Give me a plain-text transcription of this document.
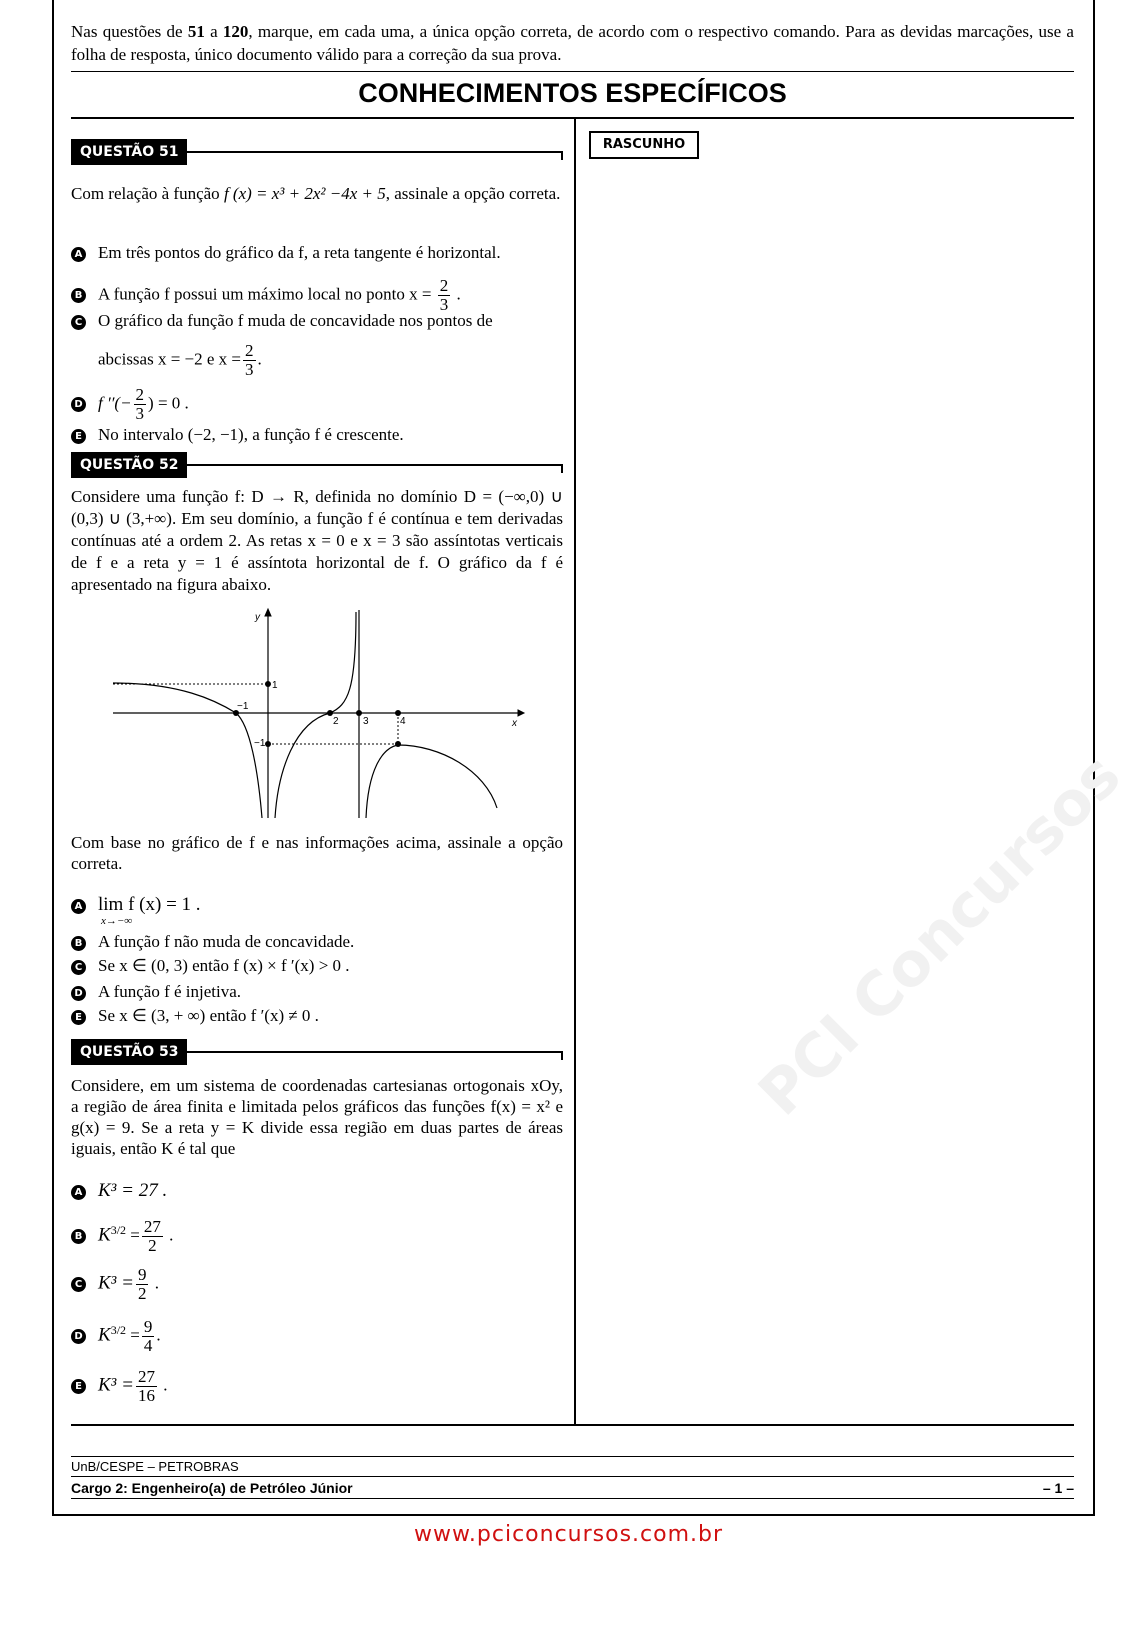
PCI Concursos
Nas questões de 51 a 120, marque, em cada uma, a única opção correta, de acordo com o respectivo comando. Para as devidas marcações, use a folha de resposta, único documento válido para a correção da sua prova.
CONHECIMENTOS ESPECÍFICOS
RASCUNHO
QUESTÃO 51
Com relação à função f (x) = x³ + 2x² −4x + 5, assinale a opção correta.
A Em três pontos do gráfico da f, a reta tangente é horizontal.
B A função f possui um máximo local no ponto $x = \frac{2}{3}$ .
C O gráfico da função f muda de concavidade nos pontos de
abcissas x = −2 e $x = \frac{2}{3}$ .
D f ′′(− $\frac{2}{3}$ ) = 0 .
E No intervalo (−2, −1), a função f é crescente.
QUESTÃO 52
Considere uma função f: D → R, definida no domínio D = (−∞,0) ∪ (0,3) ∪ (3,+∞). Em seu domínio, a função f é contínua e tem derivadas contínuas até a ordem 2. As retas x = 0 e x = 3 são assíntotas verticais de f e a reta y = 1 é assíntota horizontal de f. O gráfico da f é apresentado na figura abaixo.
y
x
−1
2 3	4
1
−1
Com base no gráfico de f e nas informações acima, assinale a opção correta.
A lim f (x) = 1 .
x→−∞
B A função f não muda de concavidade.
C Se x ∈ (0, 3) então f (x) × f ′(x) > 0 .
D A função f é injetiva.
E Se x ∈ (3, + ∞) então f ′(x) ≠ 0 .
QUESTÃO 53
Considere, em um sistema de coordenadas cartesianas ortogonais xOy, a região de área finita e limitada pelos gráficos das funções f(x) = x² e g(x) = 9. Se a reta y = K divide essa região em duas partes de áreas iguais, então K é tal que
A K³ = 27 .
B $K^{3/2} = \frac{27}{2}$ .
C $K^3 = \frac{9}{2}$ .
D $K^{3/2} = \frac{9}{4}$ .
E $K^3 = \frac{27}{16}$ .
UnB/CESPE – PETROBRAS
Cargo 2: Engenheiro(a) de Petróleo Júnior	– 1 –
www.pciconcursos.com.br
